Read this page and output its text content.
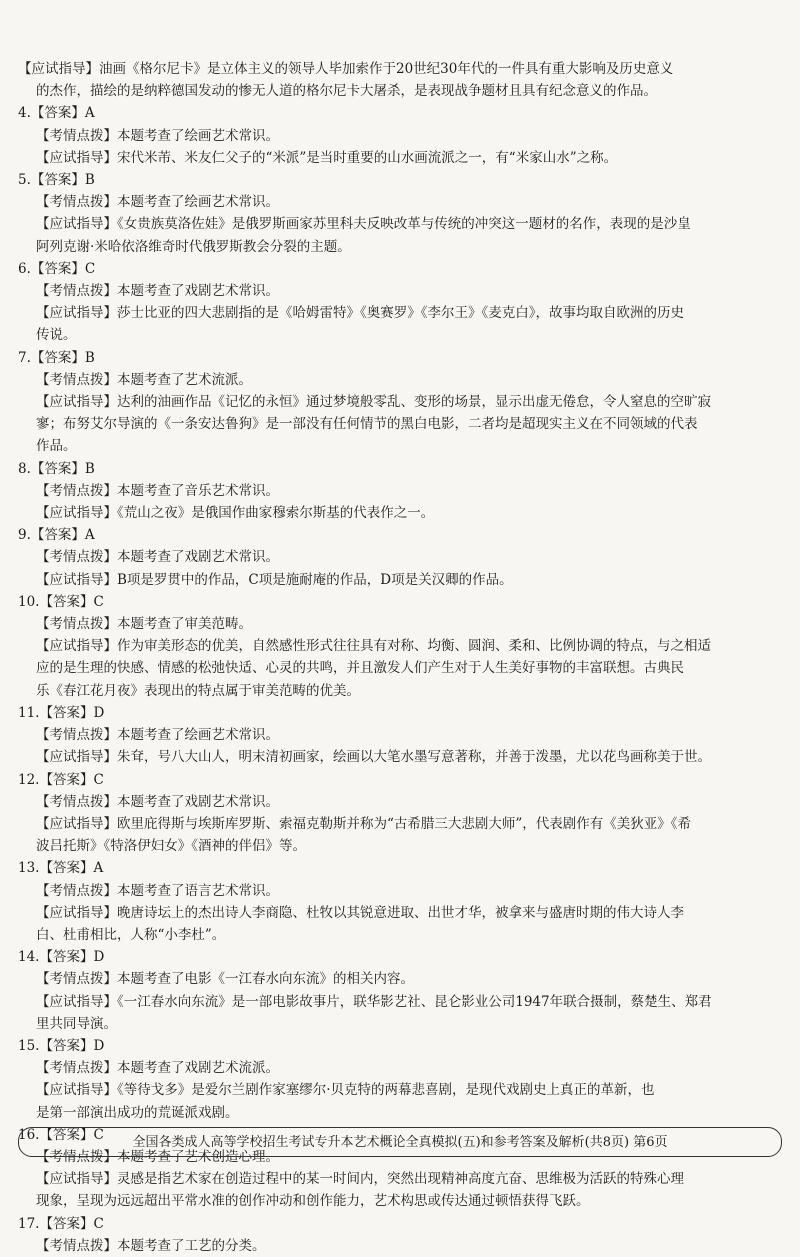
【应试指导】油画《格尔尼卡》是立体主义的领导人毕加索作于20世纪30年代的一件具有重大影响及历史意义
的杰作，描绘的是纳粹德国发动的惨无人道的格尔尼卡大屠杀，是表现战争题材且具有纪念意义的作品。
4.【答案】A
【考情点拨】本题考查了绘画艺术常识。
【应试指导】宋代米芾、米友仁父子的“米派”是当时重要的山水画流派之一，有“米家山水”之称。
5.【答案】B
【考情点拨】本题考查了绘画艺术常识。
【应试指导】《女贵族莫洛佐娃》是俄罗斯画家苏里科夫反映改革与传统的冲突这一题材的名作，表现的是沙皇
阿列克谢·米哈依洛维奇时代俄罗斯教会分裂的主题。
6.【答案】C
【考情点拨】本题考查了戏剧艺术常识。
【应试指导】莎士比亚的四大悲剧指的是《哈姆雷特》《奥赛罗》《李尔王》《麦克白》，故事均取自欧洲的历史
传说。
7.【答案】B
【考情点拨】本题考查了艺术流派。
【应试指导】达利的油画作品《记忆的永恒》通过梦境般零乱、变形的场景，显示出虚无倦怠，令人窒息的空旷寂
寥；布努艾尔导演的《一条安达鲁狗》是一部没有任何情节的黑白电影，二者均是超现实主义在不同领域的代表
作品。
8.【答案】B
【考情点拨】本题考查了音乐艺术常识。
【应试指导】《荒山之夜》是俄国作曲家穆索尔斯基的代表作之一。
9.【答案】A
【考情点拨】本题考查了戏剧艺术常识。
【应试指导】B项是罗贯中的作品，C项是施耐庵的作品，D项是关汉卿的作品。
10.【答案】C
【考情点拨】本题考查了审美范畴。
【应试指导】作为审美形态的优美，自然感性形式往往具有对称、均衡、圆润、柔和、比例协调的特点，与之相适
应的是生理的快感、情感的松弛快适、心灵的共鸣，并且激发人们产生对于人生美好事物的丰富联想。古典民
乐《春江花月夜》表现出的特点属于审美范畴的优美。
11.【答案】D
【考情点拨】本题考查了绘画艺术常识。
【应试指导】朱耷，号八大山人，明末清初画家，绘画以大笔水墨写意著称，并善于泼墨，尤以花鸟画称美于世。
12.【答案】C
【考情点拨】本题考查了戏剧艺术常识。
【应试指导】欧里庇得斯与埃斯库罗斯、索福克勒斯并称为“古希腊三大悲剧大师”，代表剧作有《美狄亚》《希
波吕托斯》《特洛伊妇女》《酒神的伴侣》等。
13.【答案】A
【考情点拨】本题考查了语言艺术常识。
【应试指导】晚唐诗坛上的杰出诗人李商隐、杜牧以其锐意进取、出世才华，被拿来与盛唐时期的伟大诗人李
白、杜甫相比，人称“小李杜”。
14.【答案】D
【考情点拨】本题考查了电影《一江春水向东流》的相关内容。
【应试指导】《一江春水向东流》是一部电影故事片，联华影艺社、昆仑影业公司1947年联合摄制，蔡楚生、郑君
里共同导演。
15.【答案】D
【考情点拨】本题考查了戏剧艺术流派。
【应试指导】《等待戈多》是爱尔兰剧作家塞缪尔·贝克特的两幕悲喜剧，是现代戏剧史上真正的革新，也
是第一部演出成功的荒诞派戏剧。
16.【答案】C
【考情点拨】本题考查了艺术创造心理。
【应试指导】灵感是指艺术家在创造过程中的某一时间内，突然出现精神高度亢奋、思维极为活跃的特殊心理
现象，呈现为远远超出平常水准的创作冲动和创作能力，艺术构思或传达通过顿悟获得飞跃。
17.【答案】C
【考情点拨】本题考查了工艺的分类。
全国各类成人高等学校招生考试专升本艺术概论全真模拟(五)和参考答案及解析(共8页) 第6页
